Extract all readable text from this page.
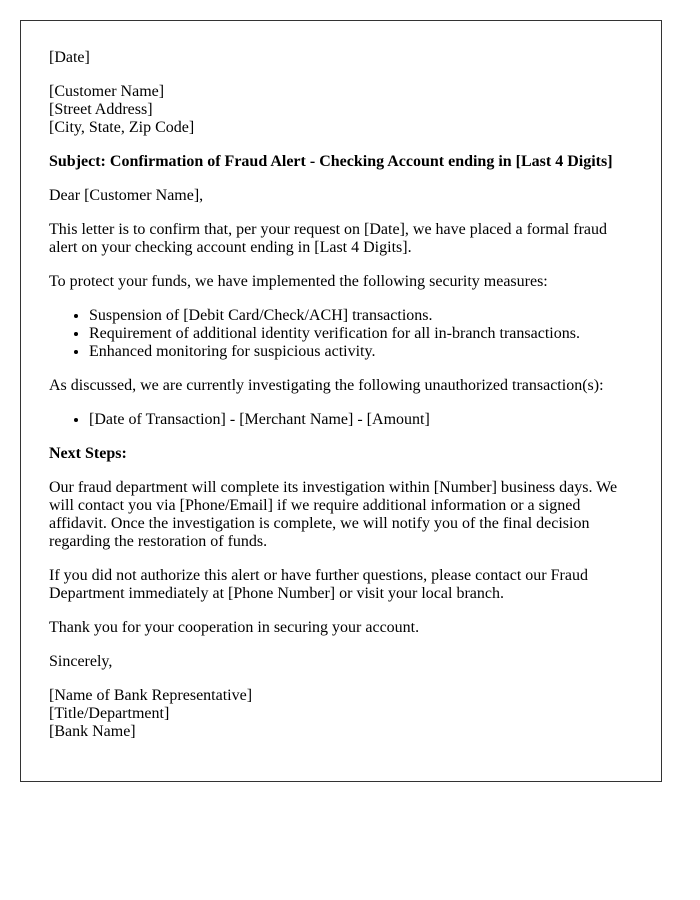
[Date]

[Customer Name]
[Street Address]
[City, State, Zip Code]

Subject: Confirmation of Fraud Alert - Checking Account ending in [Last 4 Digits]

Dear [Customer Name],

This letter is to confirm that, per your request on [Date], we have placed a formal fraud alert on your checking account ending in [Last 4 Digits].

To protect your funds, we have implemented the following security measures:

• Suspension of [Debit Card/Check/ACH] transactions.
• Requirement of additional identity verification for all in-branch transactions.
• Enhanced monitoring for suspicious activity.

As discussed, we are currently investigating the following unauthorized transaction(s):

• [Date of Transaction] - [Merchant Name] - [Amount]

Next Steps:

Our fraud department will complete its investigation within [Number] business days. We will contact you via [Phone/Email] if we require additional information or a signed affidavit. Once the investigation is complete, we will notify you of the final decision regarding the restoration of funds.

If you did not authorize this alert or have further questions, please contact our Fraud Department immediately at [Phone Number] or visit your local branch.

Thank you for your cooperation in securing your account.

Sincerely,

[Name of Bank Representative]
[Title/Department]
[Bank Name]
